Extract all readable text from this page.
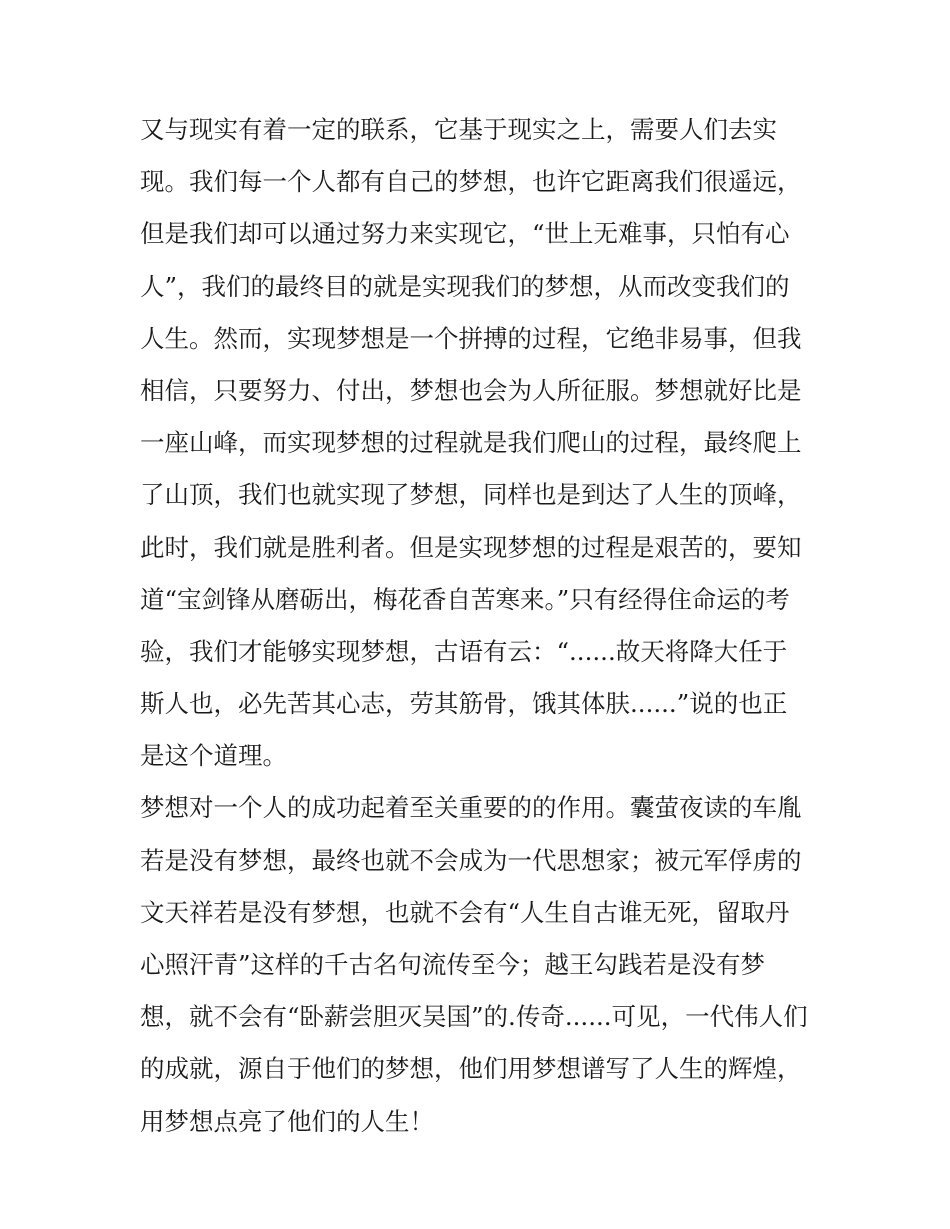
又与现实有着一定的联系，它基于现实之上，需要人们去实
现。我们每一个人都有自己的梦想，也许它距离我们很遥远，
但是我们却可以通过努力来实现它，“世上无难事，只怕有心
人”，我们的最终目的就是实现我们的梦想，从而改变我们的
人生。然而，实现梦想是一个拼搏的过程，它绝非易事，但我
相信，只要努力、付出，梦想也会为人所征服。梦想就好比是
一座山峰，而实现梦想的过程就是我们爬山的过程，最终爬上
了山顶，我们也就实现了梦想，同样也是到达了人生的顶峰，
此时，我们就是胜利者。但是实现梦想的过程是艰苦的，要知
道“宝剑锋从磨砺出，梅花香自苦寒来。”只有经得住命运的考
验，我们才能够实现梦想，古语有云：“......故天将降大任于
斯人也，必先苦其心志，劳其筋骨，饿其体肤......”说的也正
是这个道理。
梦想对一个人的成功起着至关重要的的作用。囊萤夜读的车胤
若是没有梦想，最终也就不会成为一代思想家；被元军俘虏的
文天祥若是没有梦想，也就不会有“人生自古谁无死，留取丹
心照汗青”这样的千古名句流传至今；越王勾践若是没有梦
想，就不会有“卧薪尝胆灭吴国”的.传奇......可见，一代伟人们
的成就，源自于他们的梦想，他们用梦想谱写了人生的辉煌，
用梦想点亮了他们的人生！
